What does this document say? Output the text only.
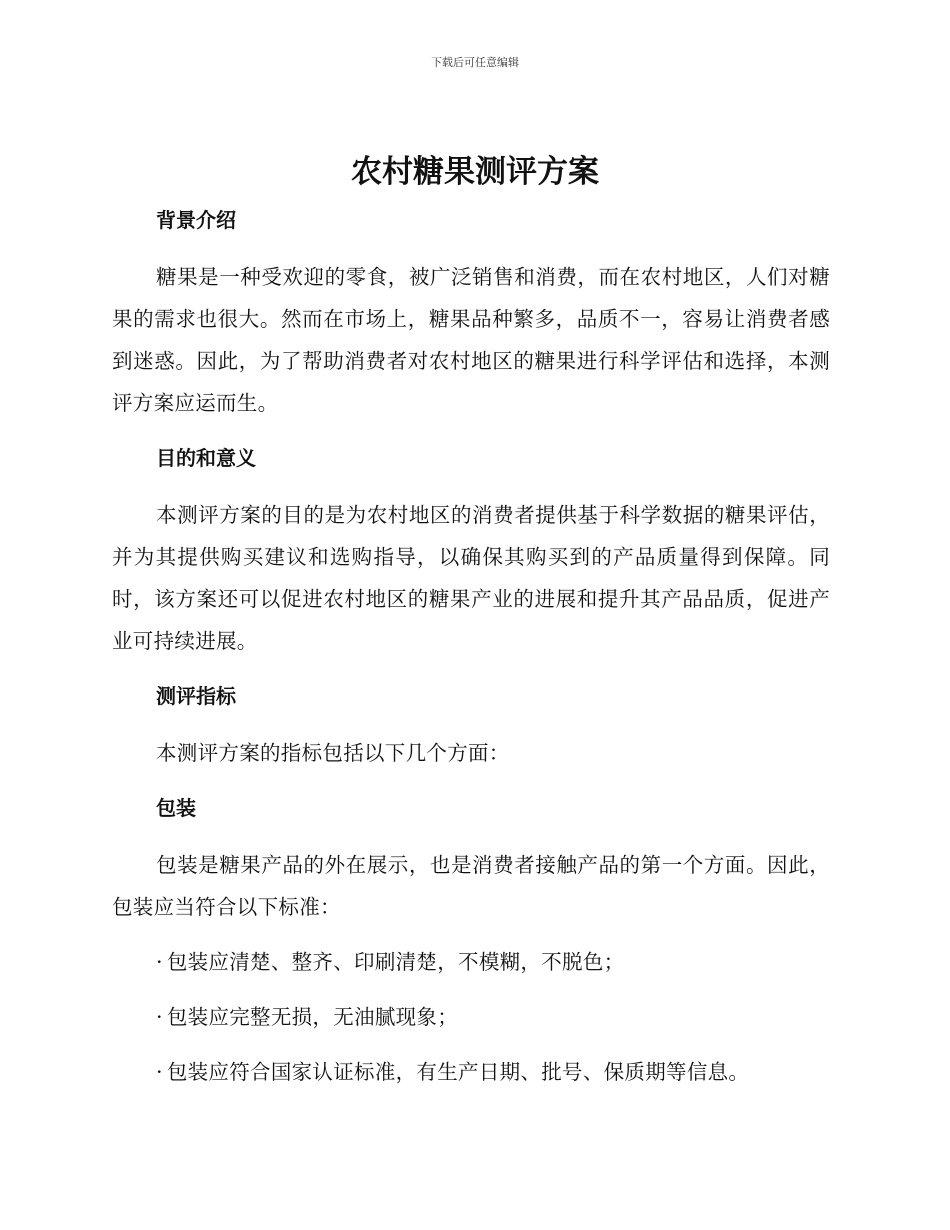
下载后可任意编辑
农村糖果测评方案
背景介绍

糖果是一种受欢迎的零食，被广泛销售和消费，而在农村地区，人们对糖果的需求也很大。然而在市场上，糖果品种繁多，品质不一，容易让消费者感到迷惑。因此，为了帮助消费者对农村地区的糖果进行科学评估和选择，本测评方案应运而生。

目的和意义

本测评方案的目的是为农村地区的消费者提供基于科学数据的糖果评估，并为其提供购买建议和选购指导，以确保其购买到的产品质量得到保障。同时，该方案还可以促进农村地区的糖果产业的进展和提升其产品品质，促进产业可持续进展。

测评指标

本测评方案的指标包括以下几个方面：

包装

包装是糖果产品的外在展示，也是消费者接触产品的第一个方面。因此，包装应当符合以下标准：

· 包装应清楚、整齐、印刷清楚，不模糊，不脱色；

· 包装应完整无损，无油腻现象；

· 包装应符合国家认证标准，有生产日期、批号、保质期等信息。
